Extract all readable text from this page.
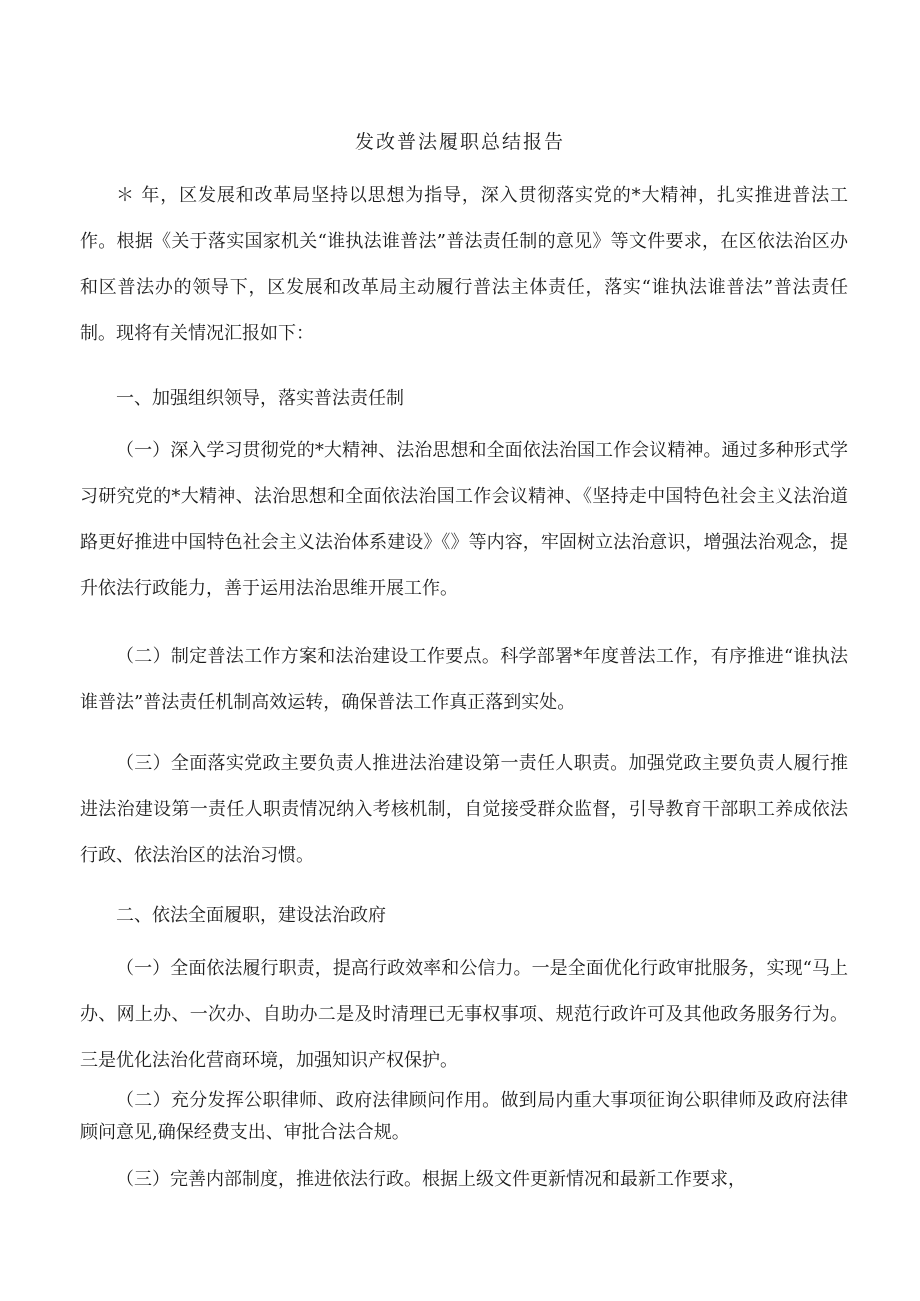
发改普法履职总结报告

＊ 年，区发展和改革局坚持以思想为指导，深入贯彻落实党的*大精神，扎实推进普法工作。根据《关于落实国家机关“谁执法谁普法”普法责任制的意见》等文件要求，在区依法治区办和区普法办的领导下，区发展和改革局主动履行普法主体责任，落实“谁执法谁普法”普法责任制。现将有关情况汇报如下：

一、加强组织领导，落实普法责任制

（一）深入学习贯彻党的*大精神、法治思想和全面依法治国工作会议精神。通过多种形式学习研究党的*大精神、法治思想和全面依法治国工作会议精神、《坚持走中国特色社会主义法治道路更好推进中国特色社会主义法治体系建设》《》等内容，牢固树立法治意识，增强法治观念，提升依法行政能力，善于运用法治思维开展工作。

（二）制定普法工作方案和法治建设工作要点。科学部署*年度普法工作，有序推进“谁执法谁普法”普法责任机制高效运转，确保普法工作真正落到实处。

（三）全面落实党政主要负责人推进法治建设第一责任人职责。加强党政主要负责人履行推进法治建设第一责任人职责情况纳入考核机制，自觉接受群众监督，引导教育干部职工养成依法行政、依法治区的法治习惯。

二、依法全面履职，建设法治政府

（一）全面依法履行职责，提高行政效率和公信力。一是全面优化行政审批服务，实现“马上办、网上办、一次办、自助办二是及时清理已无事权事项、规范行政许可及其他政务服务行为。三是优化法治化营商环境，加强知识产权保护。

（二）充分发挥公职律师、政府法律顾问作用。做到局内重大事项征询公职律师及政府法律顾问意见,确保经费支出、审批合法合规。

（三）完善内部制度，推进依法行政。根据上级文件更新情况和最新工作要求，
